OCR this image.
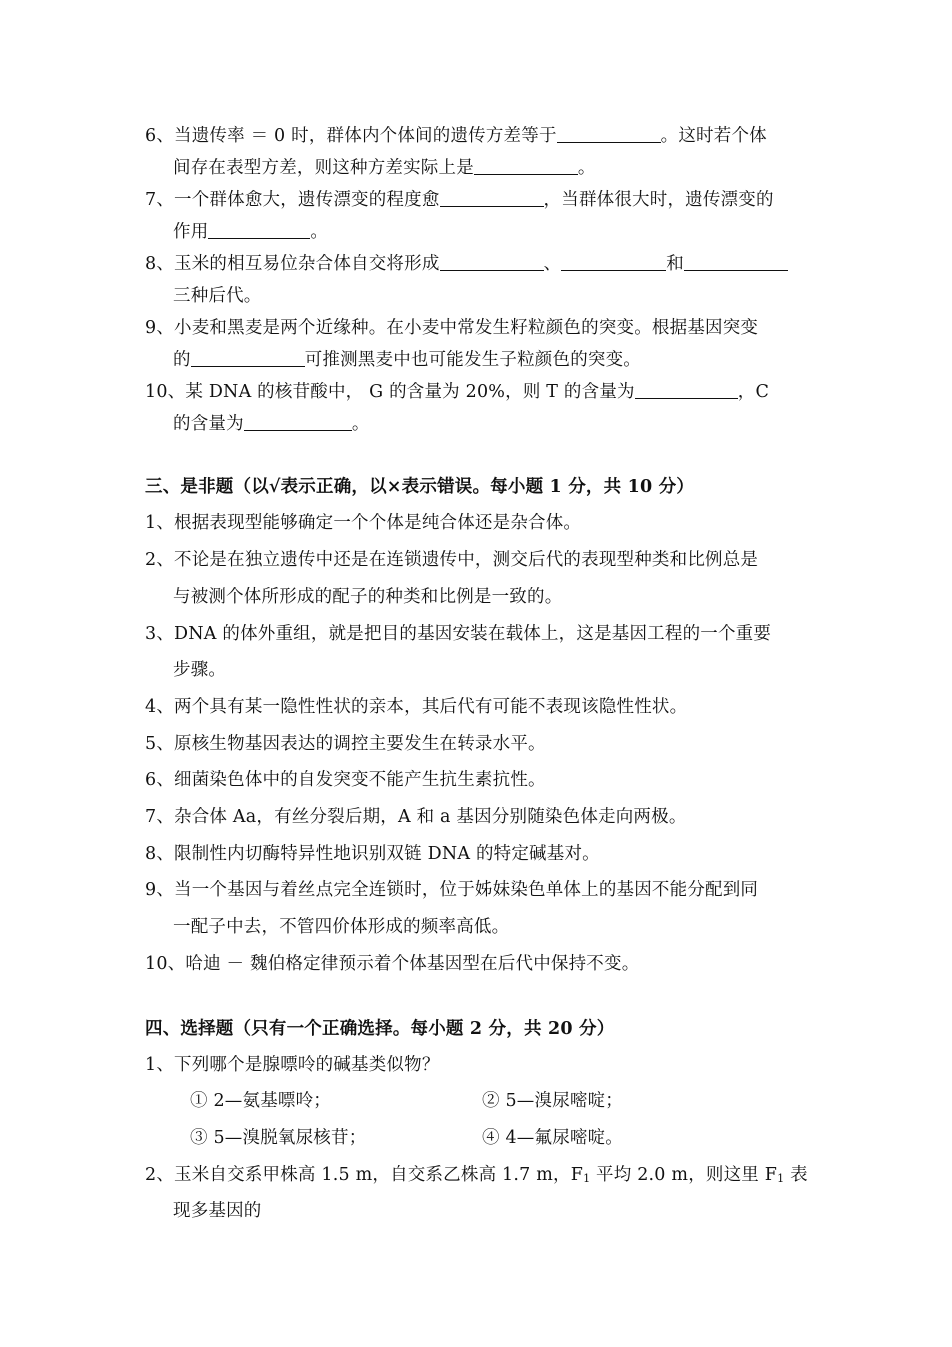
6、当遗传率 ＝ 0 时，群体内个体间的遗传方差等于	。这时若个体
间存在表型方差，则这种方差实际上是	。
7、一个群体愈大，遗传漂变的程度愈	，当群体很大时，遗传漂变的
作用	。
8、玉米的相互易位杂合体自交将形成	、	和
三种后代。
9、小麦和黑麦是两个近缘种。在小麦中常发生籽粒颜色的突变。根据基因突变
的	可推测黑麦中也可能发生子粒颜色的突变。
10、某 DNA 的核苷酸中， G 的含量为 20%，则 T 的含量为	，C
的含量为	。
三、是非题（以√表示正确，以×表示错误。每小题 1 分，共 10 分）
1、根据表现型能够确定一个个体是纯合体还是杂合体。
2、不论是在独立遗传中还是在连锁遗传中，测交后代的表现型种类和比例总是
与被测个体所形成的配子的种类和比例是一致的。
3、DNA 的体外重组，就是把目的基因安装在载体上，这是基因工程的一个重要
步骤。
4、两个具有某一隐性性状的亲本，其后代有可能不表现该隐性性状。
5、原核生物基因表达的调控主要发生在转录水平。
6、细菌染色体中的自发突变不能产生抗生素抗性。
7、杂合体 Aa，有丝分裂后期，A 和 a 基因分别随染色体走向两极。
8、限制性内切酶特异性地识别双链 DNA 的特定碱基对。
9、当一个基因与着丝点完全连锁时，位于姊妹染色单体上的基因不能分配到同
一配子中去，不管四价体形成的频率高低。
10、哈迪 － 魏伯格定律预示着个体基因型在后代中保持不变。
四、选择题（只有一个正确选择。每小题 2 分，共 20 分）
1、下列哪个是腺嘌呤的碱基类似物？
① 2—氨基嘌呤；	② 5—溴尿嘧啶；
③ 5—溴脱氧尿核苷；	④ 4—氟尿嘧啶。
2、玉米自交系甲株高 1.5 m，自交系乙株高 1.7 m，$F_1$ 平均 2.0 m，则这里 $F_1$ 表
现多基因的
